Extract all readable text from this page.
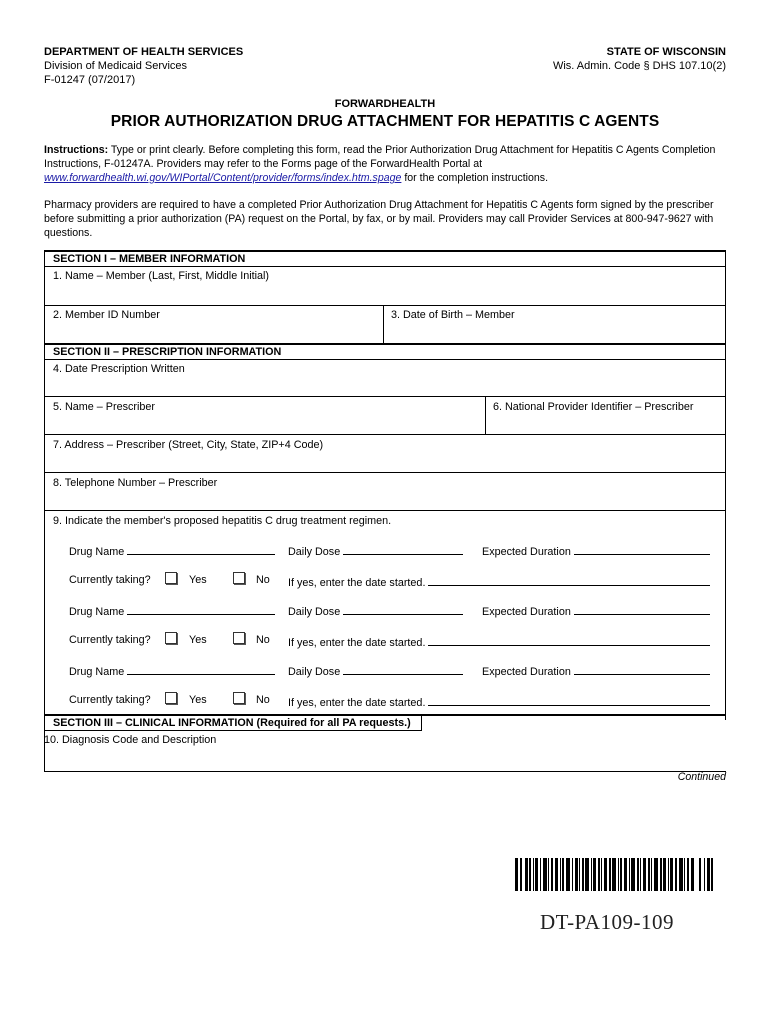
DEPARTMENT OF HEALTH SERVICES
Division of Medicaid Services
F-01247 (07/2017)
STATE OF WISCONSIN
Wis. Admin. Code § DHS 107.10(2)
FORWARDHEALTH
PRIOR AUTHORIZATION DRUG ATTACHMENT FOR HEPATITIS C AGENTS

Instructions: Type or print clearly. Before completing this form, read the Prior Authorization Drug Attachment for Hepatitis C Agents Completion Instructions, F-01247A. Providers may refer to the Forms page of the ForwardHealth Portal at www.forwardhealth.wi.gov/WIPortal/Content/provider/forms/index.htm.spage for the completion instructions.

Pharmacy providers are required to have a completed Prior Authorization Drug Attachment for Hepatitis C Agents form signed by the prescriber before submitting a prior authorization (PA) request on the Portal, by fax, or by mail. Providers may call Provider Services at 800-947-9627 with questions.

SECTION I – MEMBER INFORMATION
1. Name – Member (Last, First, Middle Initial)
2. Member ID Number	3. Date of Birth – Member
SECTION II – PRESCRIPTION INFORMATION
4. Date Prescription Written
5. Name – Prescriber	6. National Provider Identifier – Prescriber
7. Address – Prescriber (Street, City, State, ZIP+4 Code)
8. Telephone Number – Prescriber
9. Indicate the member's proposed hepatitis C drug treatment regimen.
Drug Name	Daily Dose	Expected Duration
Currently taking?	Yes	No If yes, enter the date started.
Drug Name	Daily Dose	Expected Duration
Currently taking?	Yes	No If yes, enter the date started.
Drug Name	Daily Dose	Expected Duration
Currently taking?	Yes	No If yes, enter the date started.
SECTION III – CLINICAL INFORMATION (Required for all PA requests.)
10. Diagnosis Code and Description
Continued
DT-PA109-109
